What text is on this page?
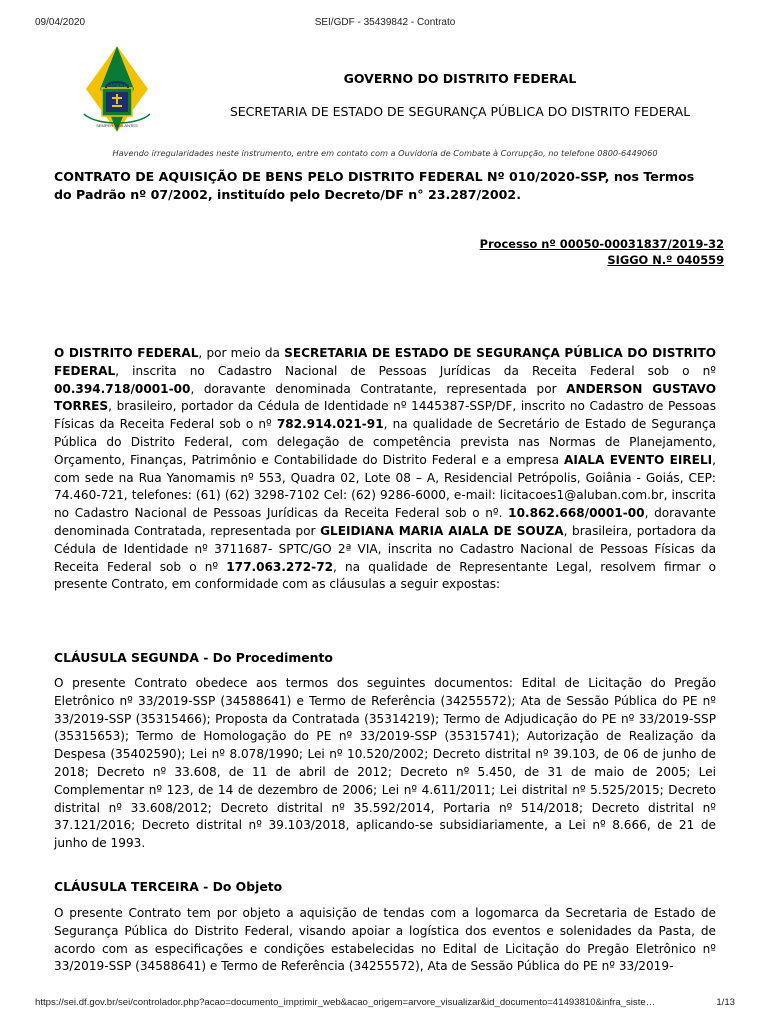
09/04/2020	SEI/GDF - 35439842 - Contrato
SSPDF
SEMPER VIGILANTES
GOVERNO DO DISTRITO FEDERAL
SECRETARIA DE ESTADO DE SEGURANÇA PÚBLICA DO DISTRITO FEDERAL
Havendo irregularidades neste instrumento, entre em contato com a Ouvidoria de Combate à Corrupção, no telefone 0800-6449060
CONTRATO DE AQUISIÇÃO DE BENS PELO DISTRITO FEDERAL Nº 010/2020-SSP, nos Termos do Padrão nº 07/2002, instituído pelo Decreto/DF n° 23.287/2002.
Processo nº 00050-00031837/2019-32
SIGGO N.º 040559
O DISTRITO FEDERAL, por meio da SECRETARIA DE ESTADO DE SEGURANÇA PÚBLICA DO DISTRITO FEDERAL, inscrita no Cadastro Nacional de Pessoas Jurídicas da Receita Federal sob o nº 00.394.718/0001-00, doravante denominada Contratante, representada por ANDERSON GUSTAVO TORRES, brasileiro, portador da Cédula de Identidade nº 1445387-SSP/DF, inscrito no Cadastro de Pessoas Físicas da Receita Federal sob o nº 782.914.021-91, na qualidade de Secretário de Estado de Segurança Pública do Distrito Federal, com delegação de competência prevista nas Normas de Planejamento, Orçamento, Finanças, Patrimônio e Contabilidade do Distrito Federal e a empresa AIALA EVENTO EIRELI, com sede na Rua Yanomamis nº 553, Quadra 02, Lote 08 – A, Residencial Petrópolis, Goiânia - Goiás, CEP: 74.460-721, telefones: (61) (62) 3298-7102 Cel: (62) 9286-6000, e-mail: licitacoes1@aluban.com.br, inscrita no Cadastro Nacional de Pessoas Jurídicas da Receita Federal sob o nº. 10.862.668/0001-00, doravante denominada Contratada, representada por GLEIDIANA MARIA AIALA DE SOUZA, brasileira, portadora da Cédula de Identidade nº 3711687- SPTC/GO 2ª VIA, inscrita no Cadastro Nacional de Pessoas Físicas da Receita Federal sob o nº 177.063.272-72, na qualidade de Representante Legal, resolvem firmar o presente Contrato, em conformidade com as cláusulas a seguir expostas:
CLÁUSULA SEGUNDA - Do Procedimento
O presente Contrato obedece aos termos dos seguintes documentos: Edital de Licitação do Pregão Eletrônico nº 33/2019-SSP (34588641) e Termo de Referência (34255572); Ata de Sessão Pública do PE nº 33/2019-SSP (35315466); Proposta da Contratada (35314219); Termo de Adjudicação do PE nº 33/2019-SSP (35315653); Termo de Homologação do PE nº 33/2019-SSP (35315741); Autorização de Realização da Despesa (35402590); Lei nº 8.078/1990; Lei nº 10.520/2002; Decreto distrital nº 39.103, de 06 de junho de 2018; Decreto nº 33.608, de 11 de abril de 2012; Decreto nº 5.450, de 31 de maio de 2005; Lei Complementar nº 123, de 14 de dezembro de 2006; Lei nº 4.611/2011; Lei distrital nº 5.525/2015; Decreto distrital nº 33.608/2012; Decreto distrital nº 35.592/2014, Portaria nº 514/2018; Decreto distrital nº 37.121/2016; Decreto distrital nº 39.103/2018, aplicando-se subsidiariamente, a Lei nº 8.666, de 21 de junho de 1993.
CLÁUSULA TERCEIRA - Do Objeto
O presente Contrato tem por objeto a aquisição de tendas com a logomarca da Secretaria de Estado de Segurança Pública do Distrito Federal, visando apoiar a logística dos eventos e solenidades da Pasta, de acordo com as especificações e condições estabelecidas no Edital de Licitação do Pregão Eletrônico nº 33/2019-SSP (34588641) e Termo de Referência (34255572), Ata de Sessão Pública do PE nº 33/2019-
https://sei.df.gov.br/sei/controlador.php?acao=documento_imprimir_web&acao_origem=arvore_visualizar&id_documento=41493810&infra_siste…	1/13
